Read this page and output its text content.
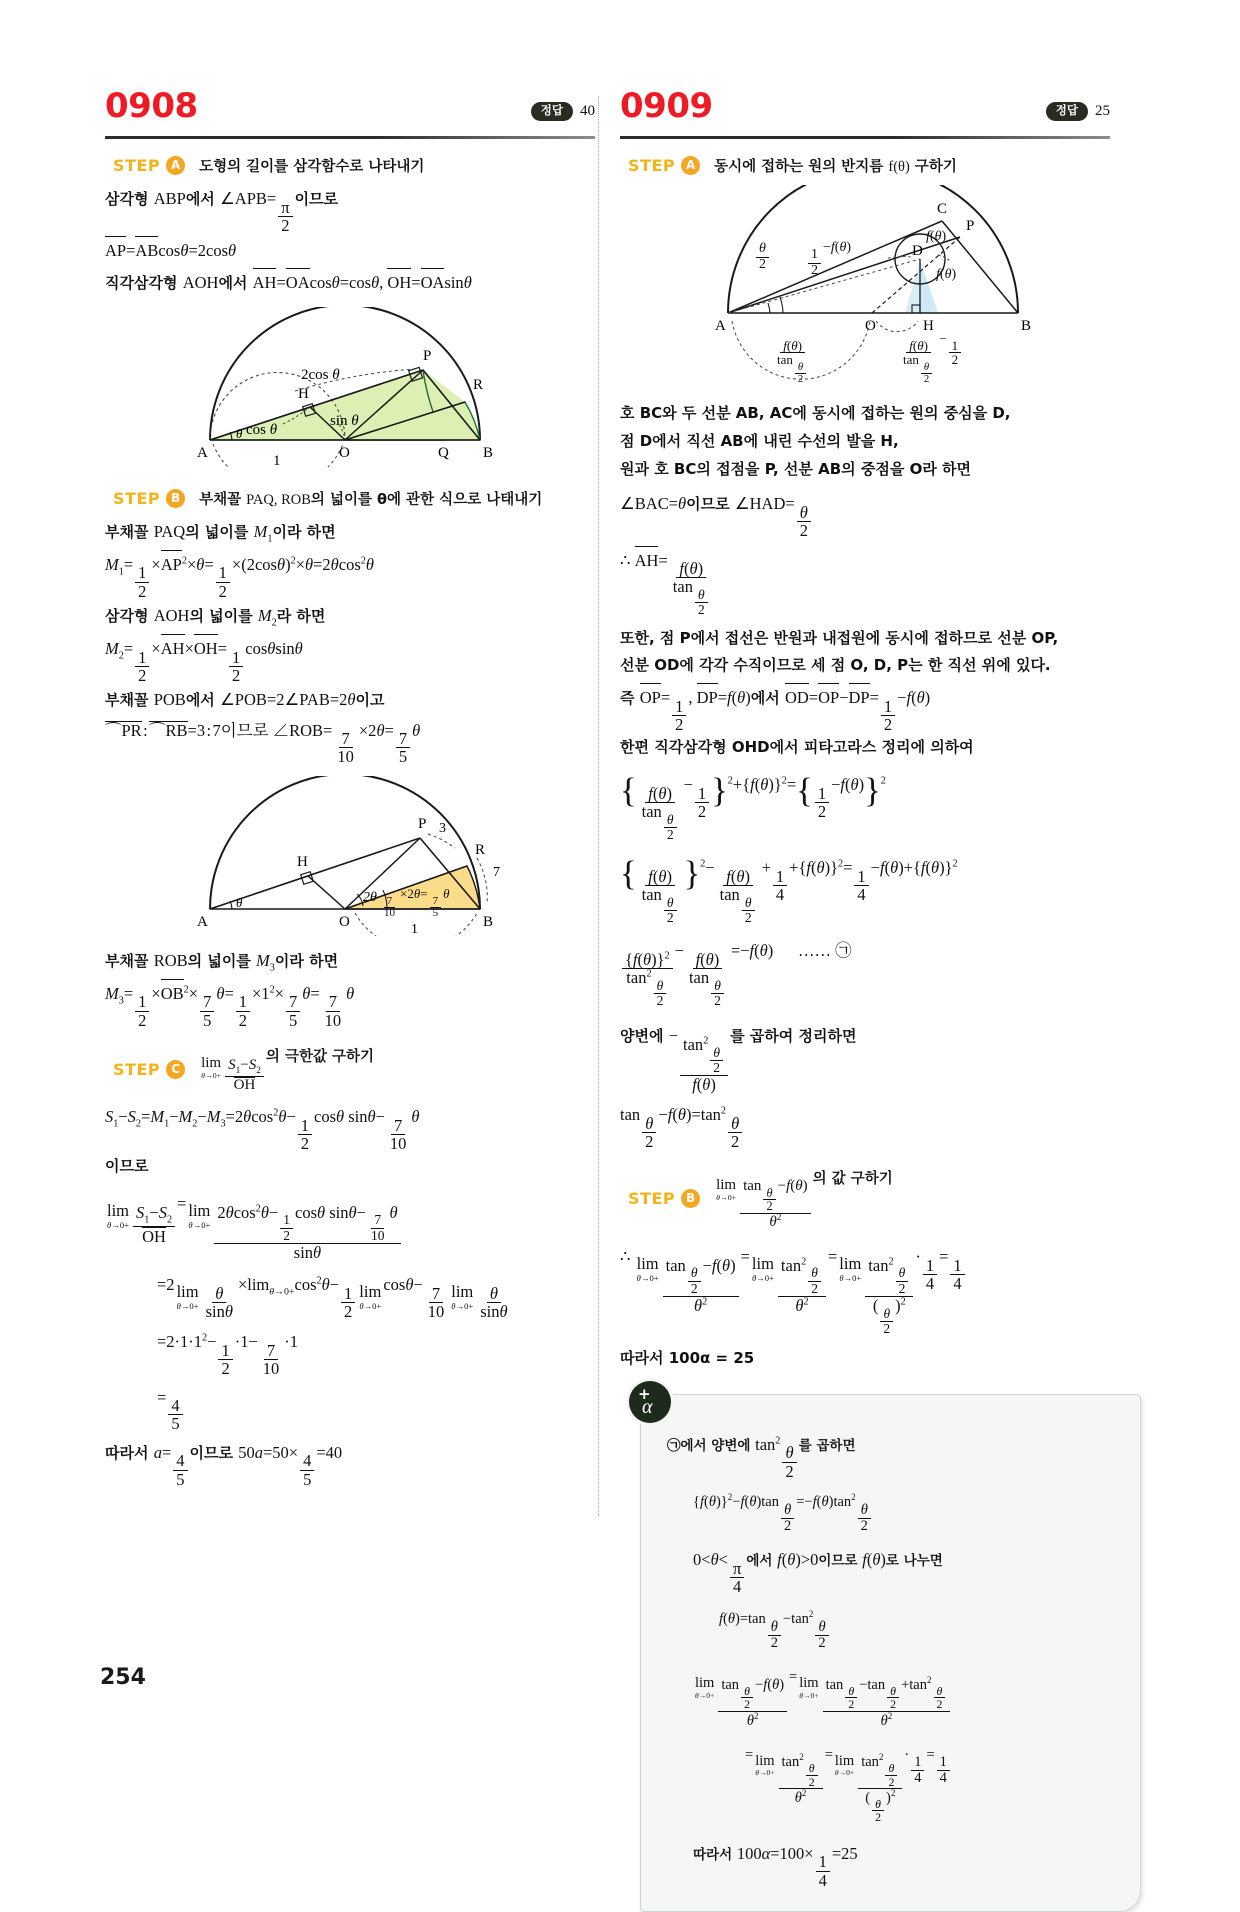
0908	정답	40
STEP A	도형의 길이를 삼각함수로 나타내기
삼각형 ABP에서 ∠APB=
$\frac{\pi}{2}$ 이므로
AP=ABcosθ=2cosθ
직각삼각형 AOH에서 AH=OAcosθ=cosθ, OH=OAsinθ
P
R
H
A	O	Q B
2cos θ
sin θ
cos θ
θ
1
STEP B	부채꼴 PAQ, ROB의 넓이를 θ에 관한 식으로 나태내기
부채꼴 PAQ의 넓이를 $M_1$이라 하면
$M_1=$
$\frac{1}{2}$
$\times AP^2\times\theta=$
$\frac{1}{2}$
$\times(2\cos\theta)^2\times\theta=2\theta\cos^2\theta$
삼각형 AOH의 넓이를 $M_2$라 하면
$M_2=$
$\frac{1}{2}$
×AH×OH=
$\frac{1}{2}$
cosθsinθ
부채꼴 POB에서 ∠POB=2∠PAB=2θ이고
⌒PR : ⌒RB=3 : 7이므로 ∠ROB=
$\frac{7}{10}$
×2θ=
$\frac{7}{5}$
θ
P
R
H
A	O	B
3
7
2θ
θ
1
$\frac{7}{10}$
×2θ=
$\frac{7}{5}$
θ
부채꼴 ROB의 넓이를 $M_3$이라 하면
$M_3=$
$\frac{1}{2}$
$\times OB^2\times$
$\frac{7}{5}$
θ=
$\frac{1}{2}$
$\times 1^2\times$
$\frac{7}{5}$
θ=
$\frac{7}{10}$
θ
STEP C	lim
$\theta\to 0+ \frac{S_1-S_2}{OH}$
의 극한값 구하기
$S_1-S_2=M_1-M_2-M_3=2\theta\cos^2\theta-$
$\frac{1}{2}$
cosθ sinθ−
$\frac{7}{10}$
θ
이므로
lim
$\theta\to 0+ \frac{S_1-S_2}{OH}$
= lim
θ→0+ 2θcos$^2$θ−
$\frac{1}{2}$
cosθ sinθ−
$\frac{7}{10}$
θ
sinθ
=2 lim
$\theta\to 0+ \frac{\theta}{\sin\theta}$
$\times\lim_{\theta\to 0+}\cos^2\theta-$
$\frac{1}{2}$ lim
θ→0+
cosθ−
$\frac{7}{10}$ lim
$\theta\to 0+ \frac{\theta}{\sin\theta}$
$=2\cdot 1\cdot 1^2-$
$\frac{1}{2}$
·1−
$\frac{7}{10}$
·1
=
$\frac{4}{5}$
따라서 a=
$\frac{4}{5}$ 이므로 50a=50×
$\frac{4}{5}$
=40
0909	정답	25
STEP A	동시에 접하는 원의 반지름 f(θ) 구하기
C
P
D
A	O	H	B
$\frac{\theta}{2}$
f(θ)
f(θ)
$\frac{1}{2}$
−f(θ)
f(θ)
tan
$\frac{\theta}{2}$	f(θ)
tan
$\frac{\theta}{2}$
−
$\frac{1}{2}$
호 BC와 두 선분 AB, AC에 동시에 접하는 원의 중심을 D,
점 D에서 직선 AB에 내린 수선의 발을 H,
원과 호 BC의 접점을 P, 선분 AB의 중점을 O라 하면
∠BAC=θ이므로 ∠HAD=
$\frac{\theta}{2}$
∴ AH=
f(θ)
tan
$\frac{\theta}{2}$
또한, 점 P에서 접선은 반원과 내접원에 동시에 접하므로 선분 OP,
선분 OD에 각각 수직이므로 세 점 O, D, P는 한 직선 위에 있다.
즉 OP=
$\frac{1}{2}$
, DP=f(θ)에서 OD=OP−DP=
$\frac{1}{2}$
−f(θ)
한편 직각삼각형 OHD에서 피타고라스 정리에 의하여
{ f(θ)
tan
$\frac{\theta}{2}$
−
$\frac{1}{2} \}^2+\{f(\theta)\}^2=\{ \frac{1}{2}$
−f(θ)}$^2$
{ f(θ)
tan
$\frac{\theta}{2} \}^2-$
f(θ)
tan
$\frac{\theta}{2}$
+
$\frac{1}{4}$
$+\{f(\theta)\}^2=$
$\frac{1}{4}$
$-f(\theta)+\{f(\theta)\}^2$
$\{f(\theta)\}^2$
$\tan^2$
$\frac{\theta}{2}$
−
f(θ)
tan
$\frac{\theta}{2}$
=−f(θ)      …… ㉠
양변에 −
$\tan^2$
$\frac{\theta}{2}$
f(θ) 를 곱하여 정리하면
tan
$\frac{\theta}{2}$
$-f(\theta)=\tan^2$
$\frac{\theta}{2}$
STEP B
lim
θ→0+ tan
$\frac{\theta}{2}$
−f(θ)
$\theta^2$
의 값 구하기
∴ lim
θ→0+ tan
$\frac{\theta}{2}$
−f(θ)
$\theta^2$
= lim
$\theta\to 0+ \tan^2$
$\frac{\theta}{2}$
$\theta^2$
= lim
$\theta\to 0+ \tan^2$
$\frac{\theta}{2}$
(
$\frac{\theta}{2}$
)$^2$
·
$\frac{1}{4}$
=
$\frac{1}{4}$
따라서 100α = 25
+
α
㉠에서 양변에 $\tan^2$
$\frac{\theta}{2}$ 를 곱하면
$\{f(\theta)\}^2-f(\theta)\tan$
$\frac{\theta}{2}$
$=-f(\theta)\tan^2$
$\frac{\theta}{2}$
0<θ<
$\frac{\pi}{4}$ 에서 f(θ)>0이므로 f(θ)로 나누면
f(θ)=tan
$\frac{\theta}{2}$
$-\tan^2$
$\frac{\theta}{2}$
lim
$\theta\to 0+ \frac{\tan \frac{\theta}{2} -f(\theta)}{\theta^2}$
= lim
$\theta\to 0+ \tan \frac{\theta}{2} -\tan \frac{\theta}{2} +\tan^2$
$\frac{\theta}{2}$
$\theta^2$
= lim
$\theta\to 0+ \tan^2$
$\frac{\theta}{2}$
$\theta^2 = \lim$
$\theta\to 0+ \tan^2$
$\frac{\theta}{2}$
( $\frac{\theta}{2} )^2$ ·
$\frac{1}{4}$
=
$\frac{1}{4}$
따라서 100α=100×
$\frac{1}{4}$
=25
254
